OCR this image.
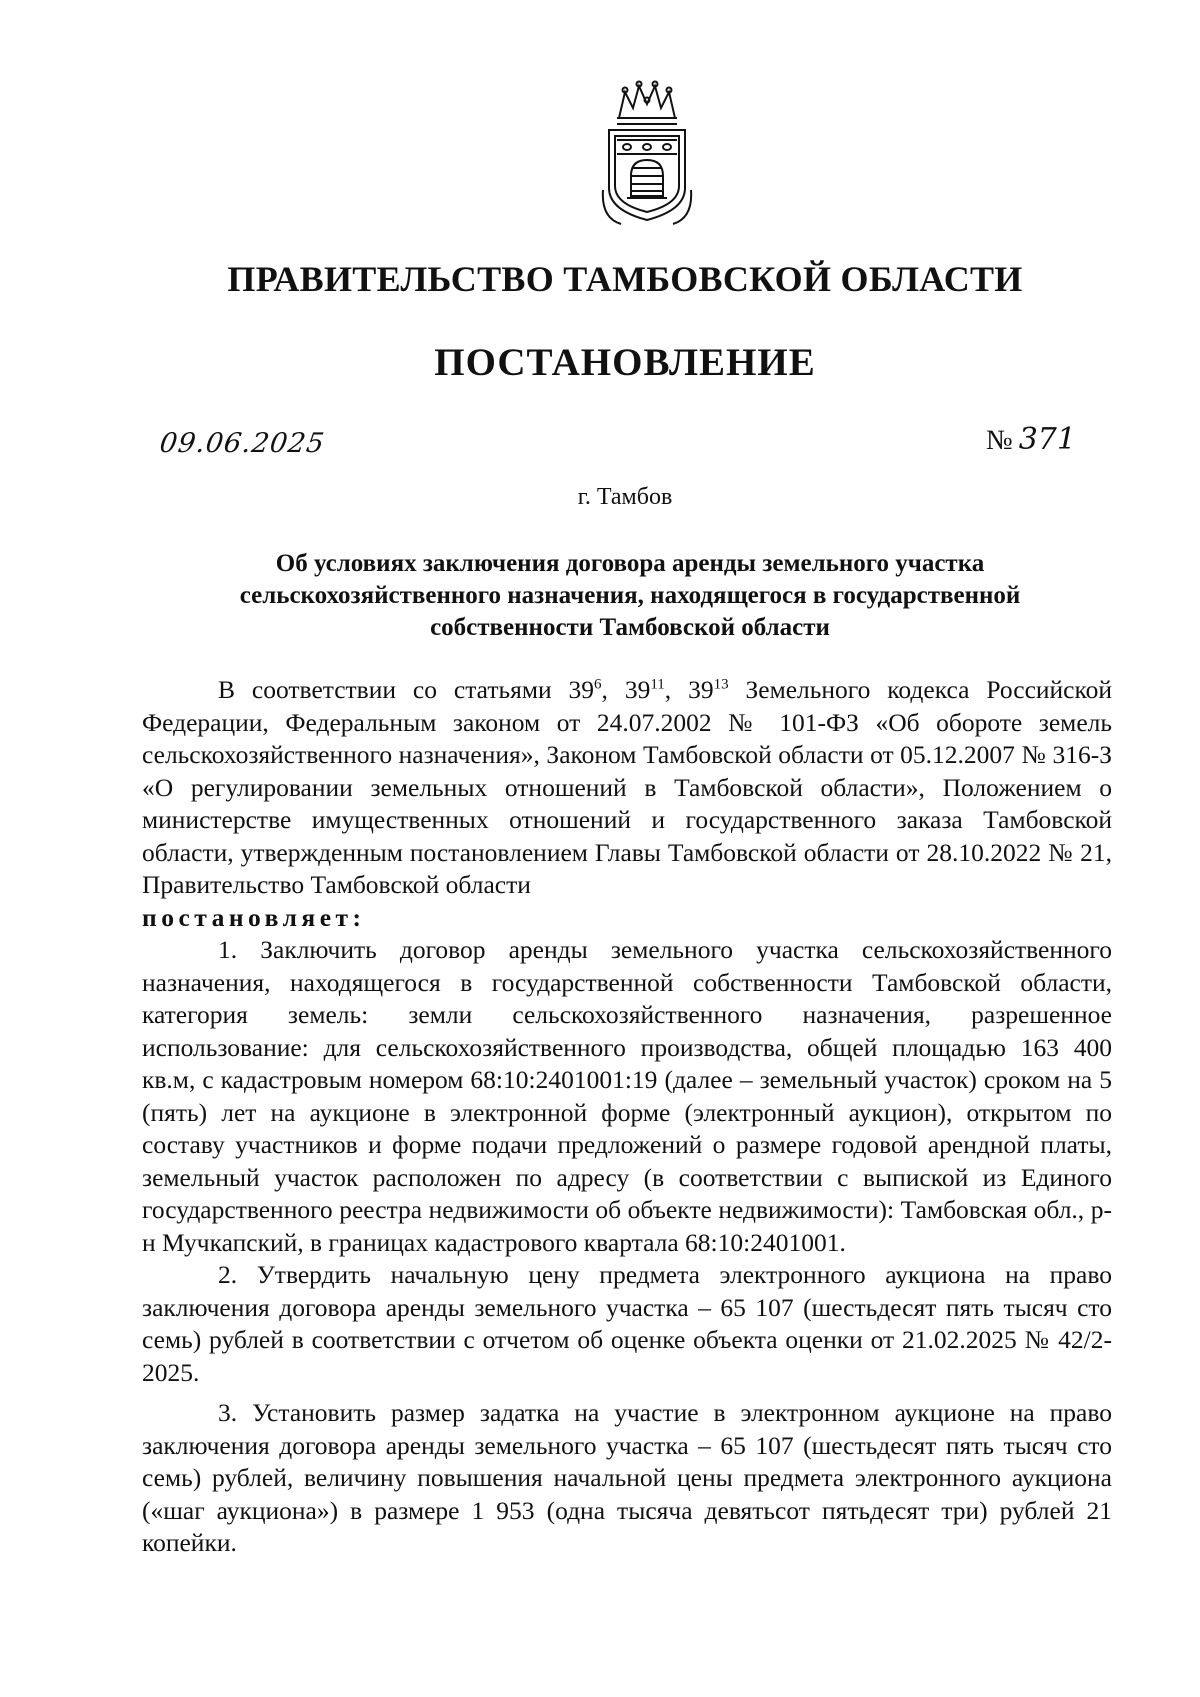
ПРАВИТЕЛЬСТВО ТАМБОВСКОЙ ОБЛАСТИ
ПОСТАНОВЛЕНИЕ
09.06.2025	№ 371
г. Тамбов
Об условиях заключения договора аренды земельного участка сельскохозяйственного назначения, находящегося в государственной собственности Тамбовской области

В соответствии со статьями $39^6$, $39^{11}$, $39^{13}$ Земельного кодекса Российской Федерации, Федеральным законом от 24.07.2002 № 101-ФЗ «Об обороте земель сельскохозяйственного назначения», Законом Тамбовской области от 05.12.2007 № 316-З «О регулировании земельных отношений в Тамбовской области», Положением о министерстве имущественных отношений и государственного заказа Тамбовской области, утвержденным постановлением Главы Тамбовской области от 28.10.2022 № 21, Правительство Тамбовской области

постановляет:

1. Заключить договор аренды земельного участка сельскохозяйственного назначения, находящегося в государственной собственности Тамбовской области, категория земель: земли сельскохозяйственного назначения, разрешенное использование: для сельскохозяйственного производства, общей площадью 163 400 кв.м, с кадастровым номером 68:10:2401001:19 (далее – земельный участок) сроком на 5 (пять) лет на аукционе в электронной форме (электронный аукцион), открытом по составу участников и форме подачи предложений о размере годовой арендной платы, земельный участок расположен по адресу (в соответствии с выпиской из Единого государственного реестра недвижимости об объекте недвижимости): Тамбовская обл., р-н Мучкапский, в границах кадастрового квартала 68:10:2401001.

2. Утвердить начальную цену предмета электронного аукциона на право заключения договора аренды земельного участка – 65 107 (шестьдесят пять тысяч сто семь) рублей в соответствии с отчетом об оценке объекта оценки от 21.02.2025 № 42/2-2025.

3. Установить размер задатка на участие в электронном аукционе на право заключения договора аренды земельного участка – 65 107 (шестьдесят пять тысяч сто семь) рублей, величину повышения начальной цены предмета электронного аукциона («шаг аукциона») в размере 1 953 (одна тысяча девятьсот пятьдесят три) рублей 21 копейки.
